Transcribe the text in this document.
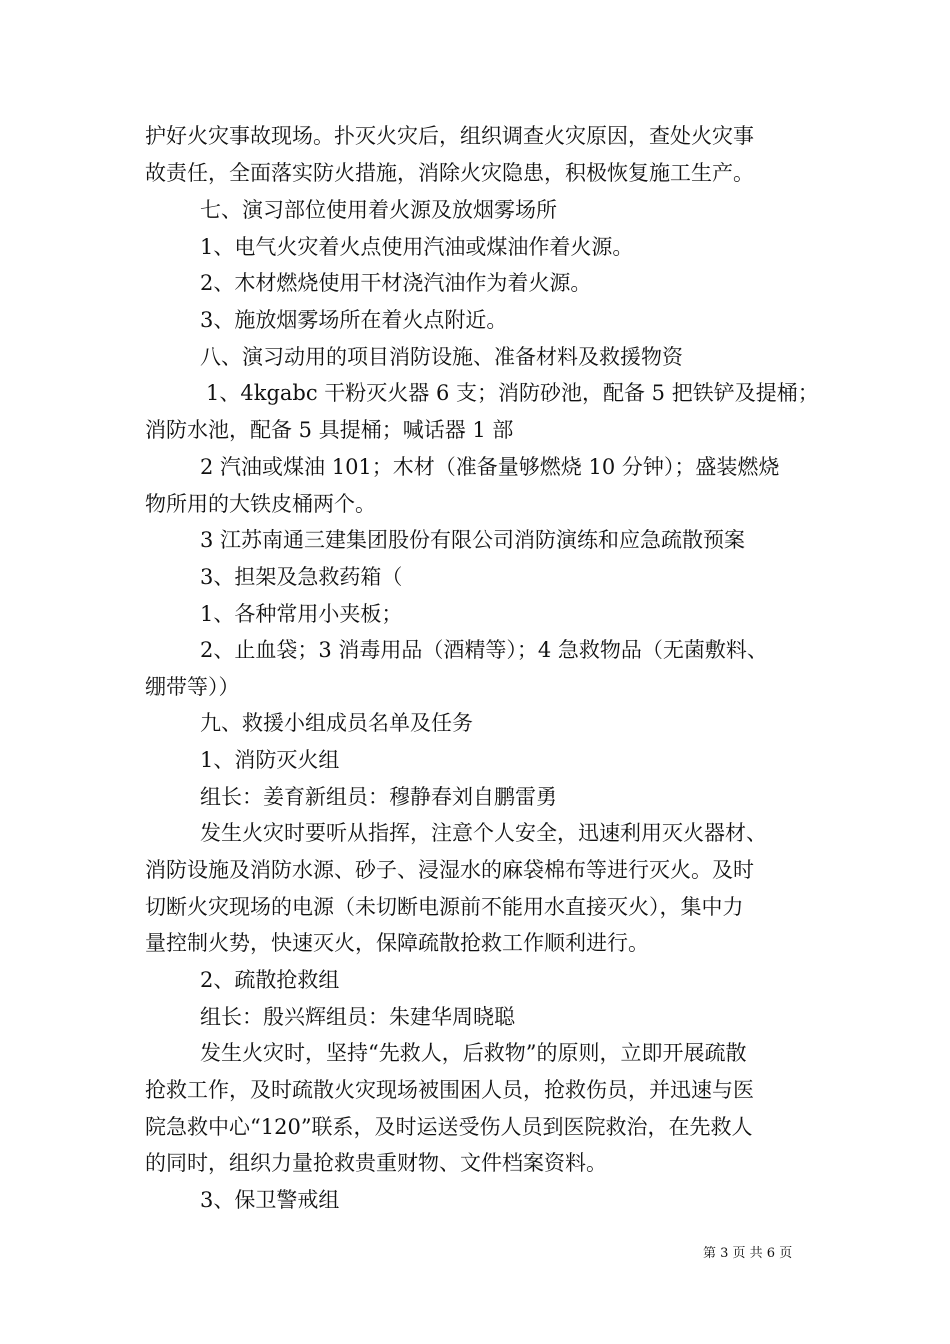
护好火灾事故现场。扑灭火灾后，组织调查火灾原因，查处火灾事
故责任，全面落实防火措施，消除火灾隐患，积极恢复施工生产。
七、演习部位使用着火源及放烟雾场所
1、电气火灾着火点使用汽油或煤油作着火源。
2、木材燃烧使用干材浇汽油作为着火源。
3、施放烟雾场所在着火点附近。
八、演习动用的项目消防设施、准备材料及救援物资
1、4kgabc 干粉灭火器 6 支；消防砂池，配备 5 把铁铲及提桶；
消防水池，配备 5 具提桶；喊话器 1 部
2 汽油或煤油 101；木材（准备量够燃烧 10 分钟）；盛装燃烧
物所用的大铁皮桶两个。
3 江苏南通三建集团股份有限公司消防演练和应急疏散预案
3、担架及急救药箱（
1、各种常用小夹板；
2、止血袋；3 消毒用品（酒精等）；4 急救物品（无菌敷料、
绷带等））
九、救援小组成员名单及任务
1、消防灭火组
组长：姜育新组员：穆静春刘自鹏雷勇
发生火灾时要听从指挥，注意个人安全，迅速利用灭火器材、
消防设施及消防水源、砂子、浸湿水的麻袋棉布等进行灭火。及时
切断火灾现场的电源（未切断电源前不能用水直接灭火），集中力
量控制火势，快速灭火，保障疏散抢救工作顺利进行。
2、疏散抢救组
组长：殷兴辉组员：朱建华周晓聪
发生火灾时，坚持“先救人，后救物”的原则，立即开展疏散
抢救工作，及时疏散火灾现场被围困人员，抢救伤员，并迅速与医
院急救中心“120”联系，及时运送受伤人员到医院救治，在先救人
的同时，组织力量抢救贵重财物、文件档案资料。
3、保卫警戒组
第 3 页 共 6 页
